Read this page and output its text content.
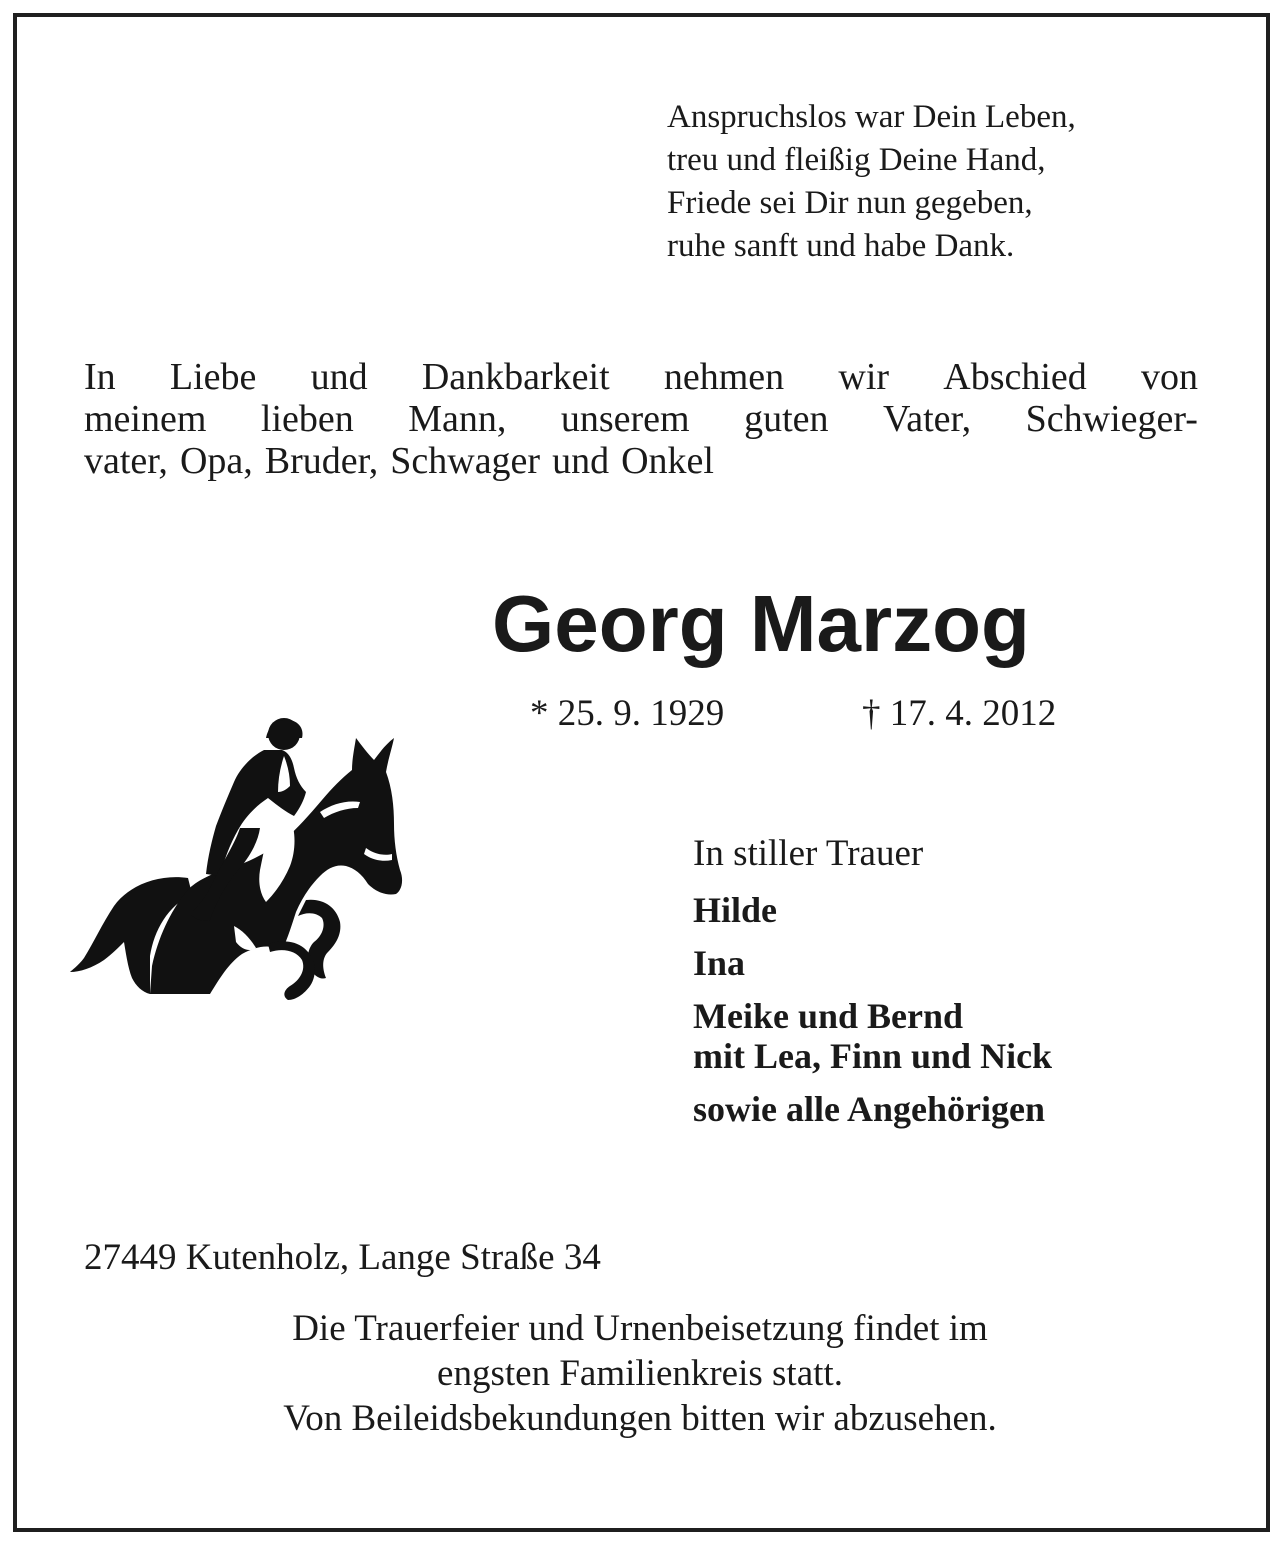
Anspruchslos war Dein Leben,
treu und fleißig Deine Hand,
Friede sei Dir nun gegeben,
ruhe sanft und habe Dank.
In Liebe und Dankbarkeit nehmen wir Abschied von
meinem lieben Mann, unserem guten Vater, Schwieger-
vater, Opa, Bruder, Schwager und Onkel
Georg Marzog
* 25. 9. 1929	† 17. 4. 2012
In stiller Trauer
Hilde
Ina
Meike und Bernd
mit Lea, Finn und Nick
sowie alle Angehörigen
27449 Kutenholz, Lange Straße 34
Die Trauerfeier und Urnenbeisetzung findet im
engsten Familienkreis statt.
Von Beileidsbekundungen bitten wir abzusehen.
